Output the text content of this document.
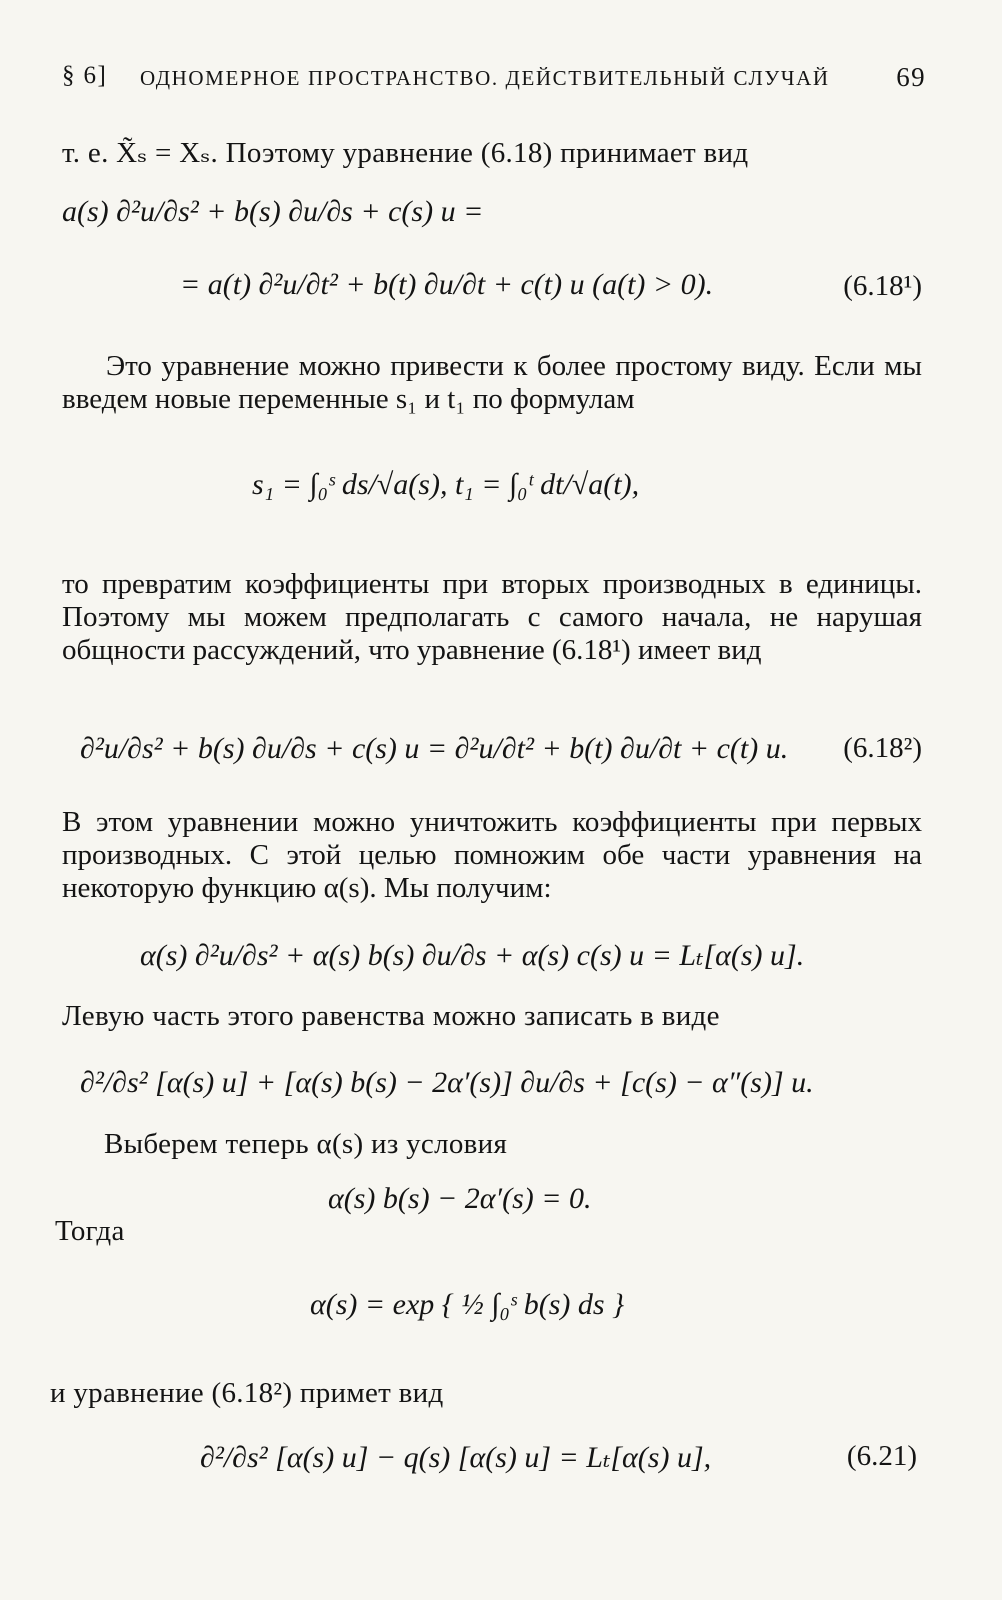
§ 6] ОДНОМЕРНОЕ ПРОСТРАНСТВО. ДЕЙСТВИТЕЛЬНЫЙ СЛУЧАЙ 69
т. е. X̃ₛ = Xₛ. Поэтому уравнение (6.18) принимает вид
a(s) ∂²u/∂s² + b(s) ∂u/∂s + c(s) u =
= a(t) ∂²u/∂t² + b(t) ∂u/∂t + c(t) u (a(t) > 0).	(6.18¹)
Это уравнение можно привести к более простому виду. Если мы введем новые переменные s₁ и t₁ по формулам
s₁ = ∫₀ˢ ds/√a(s), t₁ = ∫₀ᵗ dt/√a(t),
то превратим коэффициенты при вторых производных в единицы. Поэтому мы можем предполагать с самого начала, не нарушая общности рассуждений, что уравнение (6.18¹) имеет вид
∂²u/∂s² + b(s) ∂u/∂s + c(s) u = ∂²u/∂t² + b(t) ∂u/∂t + c(t) u. (6.18²)
В этом уравнении можно уничтожить коэффициенты при первых производных. С этой целью помножим обе части уравнения на некоторую функцию α(s). Мы получим:
α(s) ∂²u/∂s² + α(s) b(s) ∂u/∂s + α(s) c(s) u = Lₜ[α(s) u].
Левую часть этого равенства можно записать в виде
∂²/∂s² [α(s) u] + [α(s) b(s) − 2α′(s)] ∂u/∂s + [c(s) − α″(s)] u.
Выберем теперь α(s) из условия
α(s) b(s) − 2α′(s) = 0.
Тогда
α(s) = exp { ½ ∫₀ˢ b(s) ds }
и уравнение (6.18²) примет вид
∂²/∂s² [α(s) u] − q(s) [α(s) u] = Lₜ[α(s) u],	(6.21)
